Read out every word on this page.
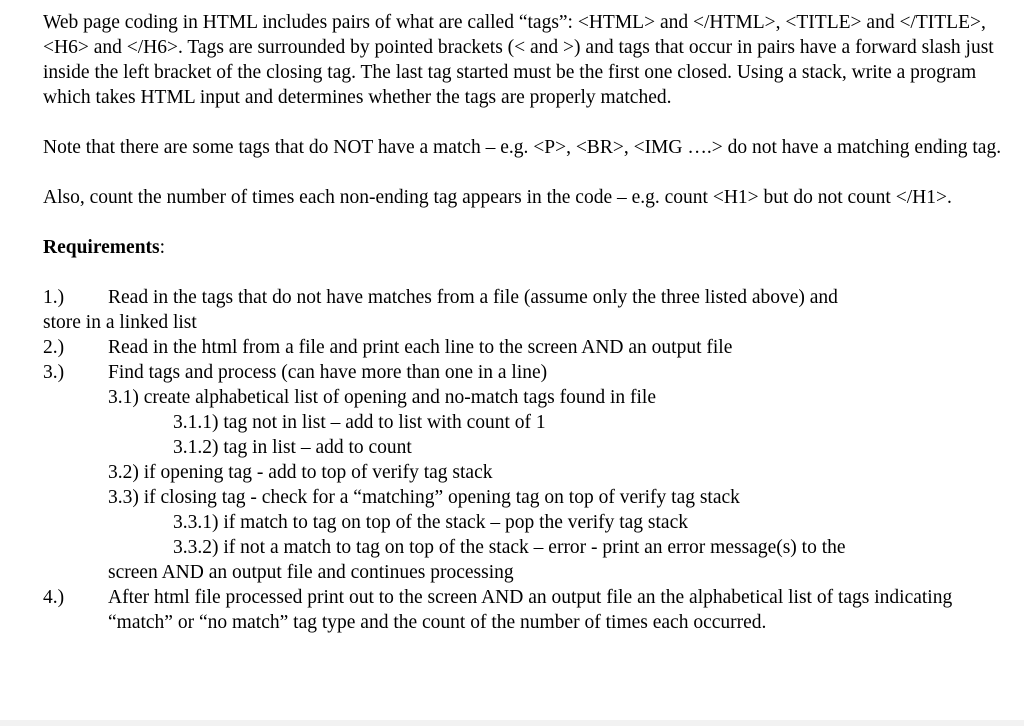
Web page coding in HTML includes pairs of what are called “tags”: <HTML> and </HTML>, <TITLE> and </TITLE>, <H6> and </H6>. Tags are surrounded by pointed brackets (< and >) and tags that occur in pairs have a forward slash just inside the left bracket of the closing tag. The last tag started must be the first one closed. Using a stack, write a program which takes HTML input and determines whether the tags are properly matched.

Note that there are some tags that do NOT have a match – e.g. <P>, <BR>, <IMG ….> do not have a matching ending tag.

Also, count the number of times each non-ending tag appears in the code – e.g. count <H1> but do not count </H1>.

Requirements:

1.) Read in the tags that do not have matches from a file (assume only the three listed above) and
store in a linked list

2.)	Read in the html from a file and print each line to the screen AND an output file

3.)	Find tags and process (can have more than one in a line)

3.1) create alphabetical list of opening and no-match tags found in file

3.1.1) tag not in list – add to list with count of 1

3.1.2) tag in list – add to count

3.2) if opening tag - add to top of verify tag stack

3.3) if closing tag - check for a “matching” opening tag on top of verify tag stack

3.3.1) if match to tag on top of the stack – pop the verify tag stack

3.3.2) if not a match to tag on top of the stack – error - print an error message(s) to the
screen AND an output file and continues processing

4.)	After html file processed print out to the screen AND an output file an the alphabetical list of tags indicating “match” or “no match” tag type and the count of the number of times each occurred.
